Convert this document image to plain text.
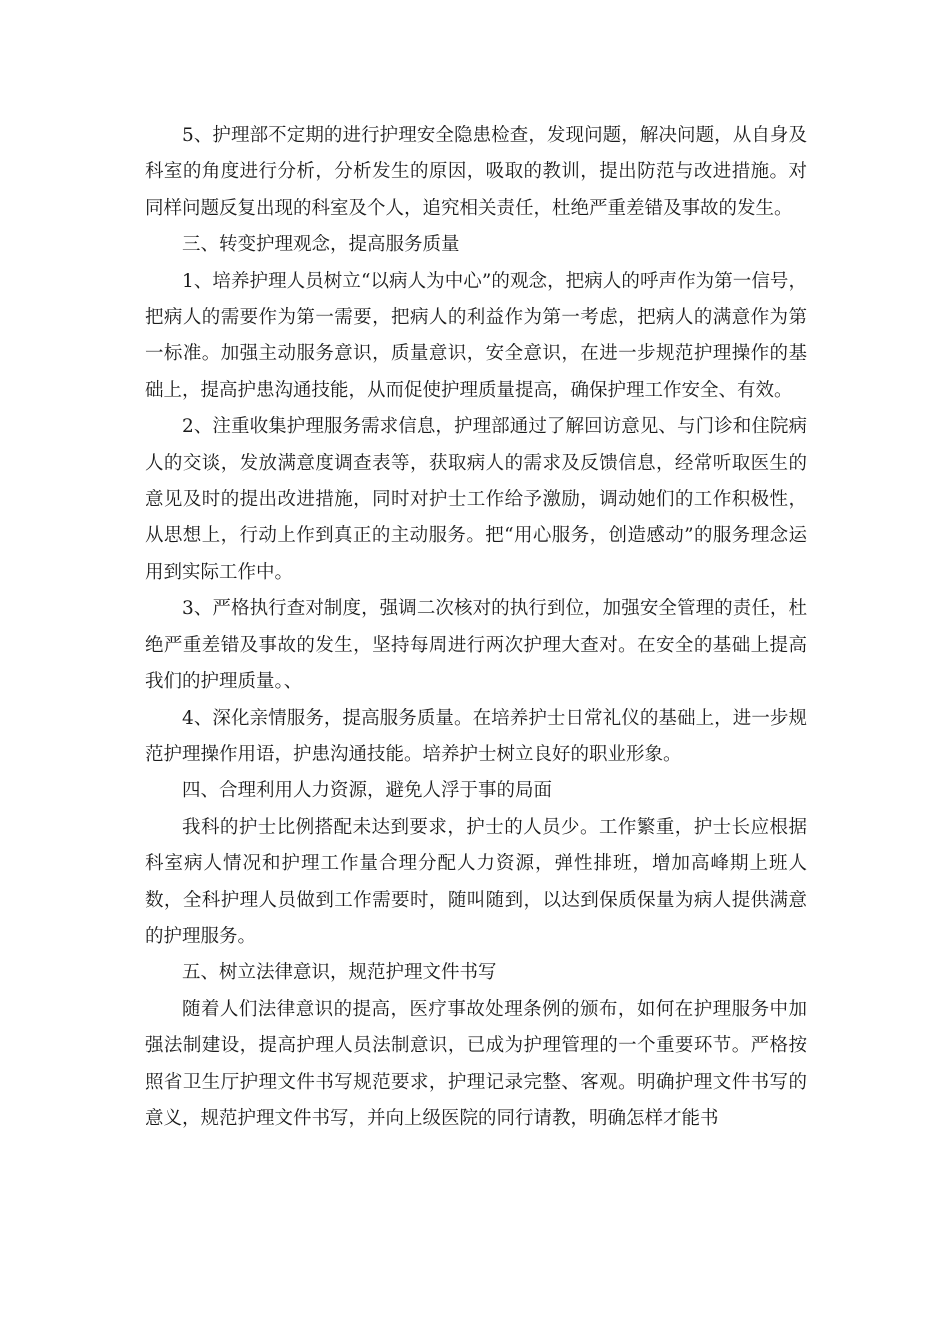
5、护理部不定期的进行护理安全隐患检查，发现问题，解决问题，从自身及科室的角度进行分析，分析发生的原因，吸取的教训，提出防范与改进措施。对同样问题反复出现的科室及个人，追究相关责任，杜绝严重差错及事故的发生。

三、转变护理观念，提高服务质量

1、培养护理人员树立“以病人为中心”的观念，把病人的呼声作为第一信号，把病人的需要作为第一需要，把病人的利益作为第一考虑，把病人的满意作为第一标准。加强主动服务意识，质量意识，安全意识，在进一步规范护理操作的基础上，提高护患沟通技能，从而促使护理质量提高，确保护理工作安全、有效。

2、注重收集护理服务需求信息，护理部通过了解回访意见、与门诊和住院病人的交谈，发放满意度调查表等，获取病人的需求及反馈信息，经常听取医生的意见及时的提出改进措施，同时对护士工作给予激励，调动她们的工作积极性，从思想上，行动上作到真正的主动服务。把“用心服务，创造感动”的服务理念运用到实际工作中。

3、严格执行查对制度，强调二次核对的执行到位，加强安全管理的责任，杜绝严重差错及事故的发生，坚持每周进行两次护理大查对。在安全的基础上提高我们的护理质量。、

4、深化亲情服务，提高服务质量。在培养护士日常礼仪的基础上，进一步规范护理操作用语，护患沟通技能。培养护士树立良好的职业形象。

四、合理利用人力资源，避免人浮于事的局面

我科的护士比例搭配未达到要求，护士的人员少。工作繁重，护士长应根据科室病人情况和护理工作量合理分配人力资源，弹性排班，增加高峰期上班人数，全科护理人员做到工作需要时，随叫随到，以达到保质保量为病人提供满意的护理服务。

五、树立法律意识，规范护理文件书写

随着人们法律意识的提高，医疗事故处理条例的颁布，如何在护理服务中加强法制建设，提高护理人员法制意识，已成为护理管理的一个重要环节。严格按照省卫生厅护理文件书写规范要求，护理记录完整、客观。明确护理文件书写的意义，规范护理文件书写，并向上级医院的同行请教，明确怎样才能书
